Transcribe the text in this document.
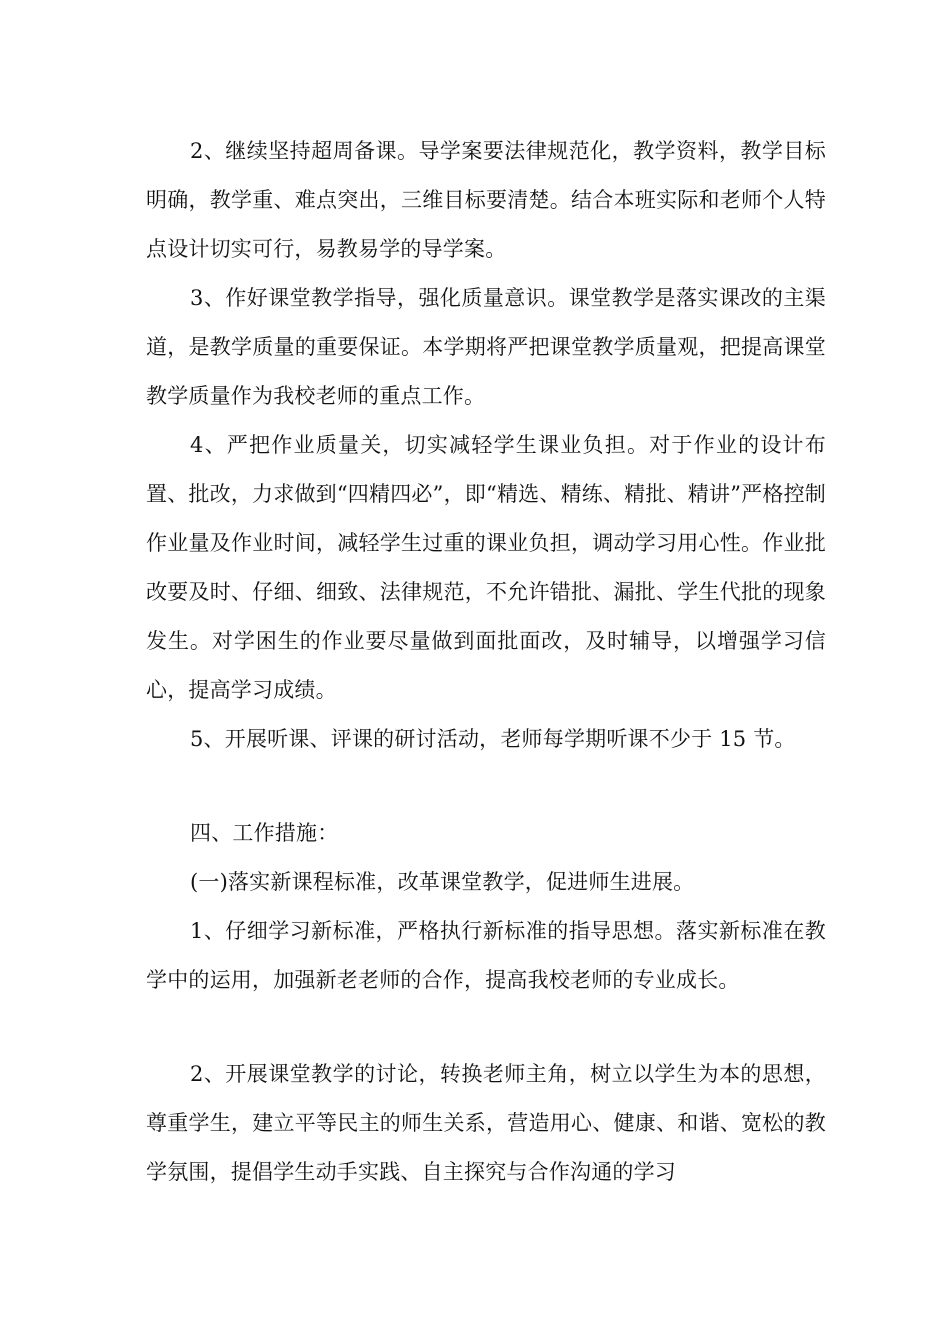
2、继续坚持超周备课。导学案要法律规范化，教学资料，教学目标明确，教学重、难点突出，三维目标要清楚。结合本班实际和老师个人特点设计切实可行，易教易学的导学案。

3、作好课堂教学指导，强化质量意识。课堂教学是落实课改的主渠道，是教学质量的重要保证。本学期将严把课堂教学质量观，把提高课堂教学质量作为我校老师的重点工作。

4、严把作业质量关，切实减轻学生课业负担。对于作业的设计布置、批改，力求做到“四精四必”，即“精选、精练、精批、精讲”严格控制作业量及作业时间，减轻学生过重的课业负担，调动学习用心性。作业批改要及时、仔细、细致、法律规范，不允许错批、漏批、学生代批的现象发生。对学困生的作业要尽量做到面批面改，及时辅导，以增强学习信心，提高学习成绩。

5、开展听课、评课的研讨活动，老师每学期听课不少于 15 节。

四、工作措施：

(一)落实新课程标准，改革课堂教学，促进师生进展。

1、仔细学习新标准，严格执行新标准的指导思想。落实新标准在教学中的运用，加强新老老师的合作，提高我校老师的专业成长。

2、开展课堂教学的讨论，转换老师主角，树立以学生为本的思想，尊重学生，建立平等民主的师生关系，营造用心、健康、和谐、宽松的教学氛围，提倡学生动手实践、自主探究与合作沟通的学习
